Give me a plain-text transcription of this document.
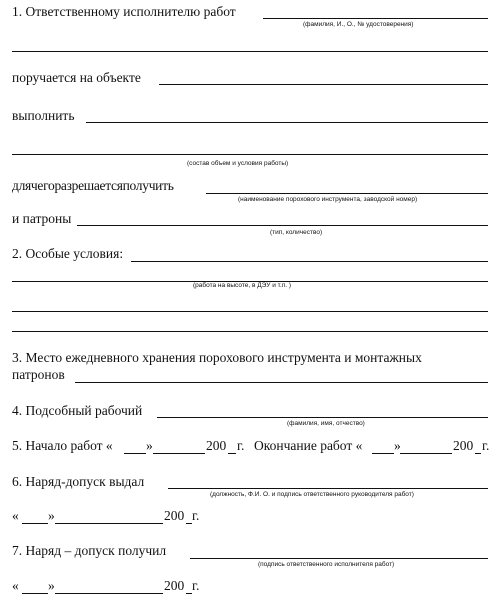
1. Ответственному исполнителю работ
(фамилия, И., О., № удостоверения)
поручается на объекте
выполнить
(состав объем и условия работы)
длячегоразрешаетсяполучить
(наименование порохового инструмента, заводской номер)
и патроны
(тип, количество)
2. Особые условия:
(работа на высоте, в ДЭУ и т.п. )
3. Место ежедневного хранения порохового инструмента и монтажных
патронов
4. Подсобный рабочий
(фамилия, имя, отчество)
5. Начало работ « »	200 г. Окончание работ « »	200 г.
6. Наряд-допуск выдал
(должность, Ф.И. О. и подпись ответственного руководителя работ)
« »	200 г.
7. Наряд – допуск получил
(подпись ответственного исполнителя работ)
« »	200 г.
